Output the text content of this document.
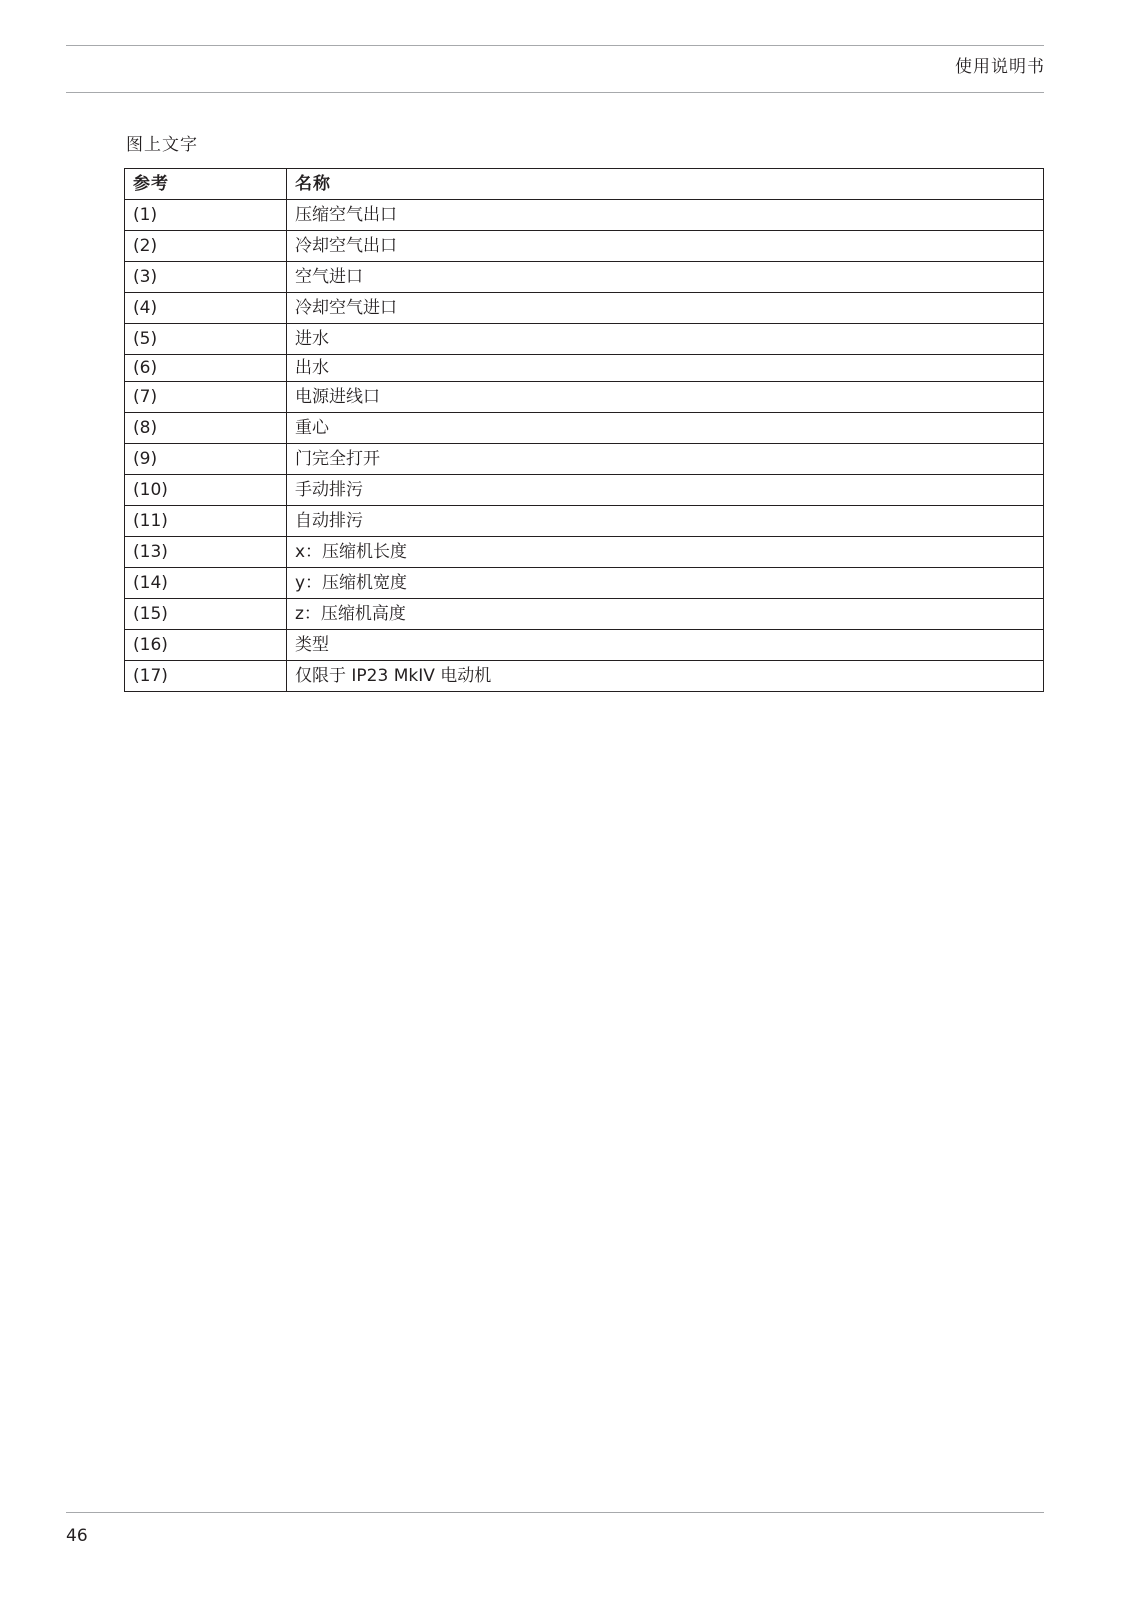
使用说明书
图上文字
参考	名称
(1)	压缩空气出口
(2)	冷却空气出口
(3)	空气进口
(4)	冷却空气进口
(5)	进水
(6)	出水
(7)	电源进线口
(8)	重心
(9)	门完全打开
(10)	手动排污
(11)	自动排污
(13)	x：压缩机长度
(14)	y：压缩机宽度
(15)	z：压缩机高度
(16)	类型
(17)	仅限于 IP23 MkIV 电动机
46
